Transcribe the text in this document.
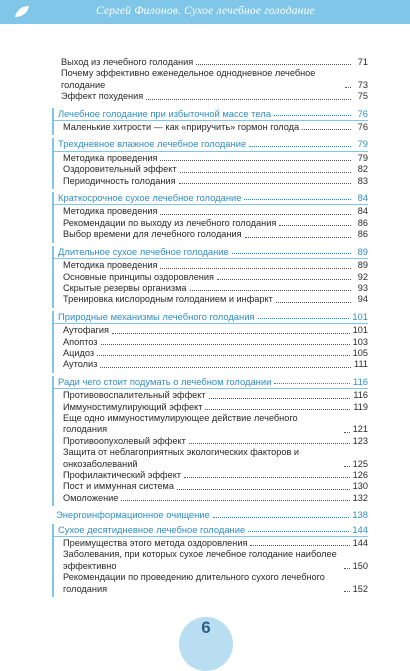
Сергей Филонов. Сухое лечебное голодание
Выход из лечебного голодания	71
Почему эффективно еженедельное однодневное лечебное голодание	73
Эффект похудения	75
Лечебное голодание при избыточной массе тела	76
Маленькие хитрости — как «приручить» гормон голода	76
Трехдневное влажное лечебное голодание	79
Методика проведения	79
Оздоровительный эффект	82
Периодичность голодания	83
Краткосрочное сухое лечебное голодание	84
Методика проведения	84
Рекомендации по выходу из лечебного голодания	86
Выбор времени для лечебного голодания	86
Длительное сухое лечебное голодание	89
Методика проведения	89
Основные принципы оздоровления	92
Скрытые резервы организма	93
Тренировка кислородным голоданием и инфаркт	94
Природные механизмы лечебного голодания	101
Аутофагия	101
Апоптоз	103
Ацидоз	105
Аутолиз	111
Ради чего стоит подумать о лечебном голодании	116
Противовоспалительный эффект	116
Иммуностимулирующий эффект	119
Еще одно иммуностимулирующее действие лечебного голодания	121
Противоопухолевый эффект	123
Защита от неблагоприятных экологических факторов и онкозаболеваний	125
Профилактический эффект	126
Пост и иммунная система	130
Омоложение	132
Энергоинформационное очищение	138
Сухое десятидневное лечебное голодание	144
Преимущества этого метода оздоровления	144
Заболевания, при которых сухое лечебное голодание наиболее эффективно	150
Рекомендации по проведению длительного сухого лечебного голодания	152
6
